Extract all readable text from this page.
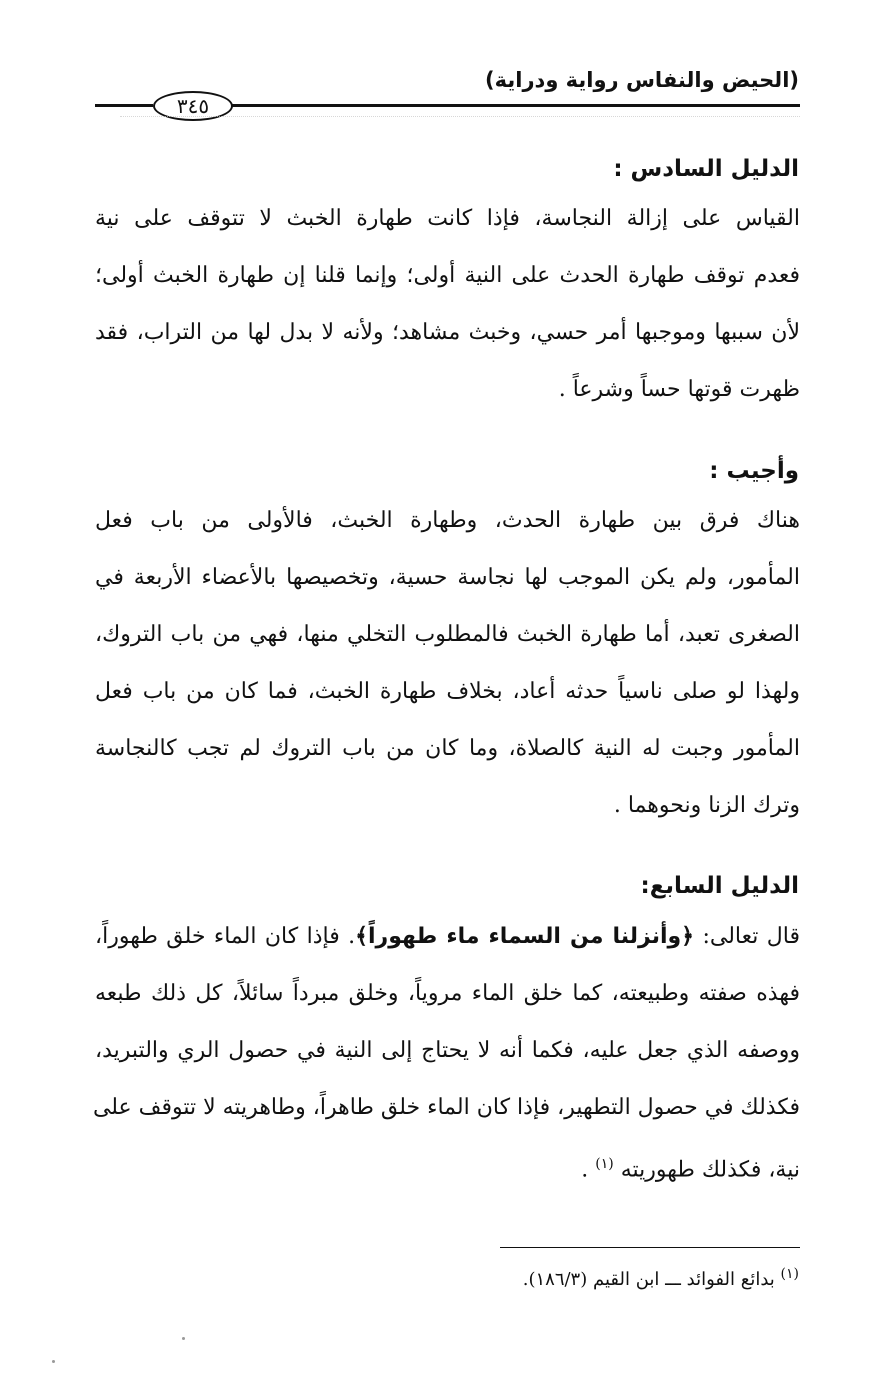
(الحيض والنفاس رواية ودراية)
٣٤٥
الدليل السادس :
القياس على إزالة النجاسة، فإذا كانت طهارة الخبث لا تتوقف على نية
فعدم توقف طهارة الحدث على النية أولى؛ وإنما قلنا إن طهارة الخبث أولى؛
لأن سببها وموجبها أمر حسي، وخبث مشاهد؛ ولأنه لا بدل لها من التراب، فقد
ظهرت قوتها حساً وشرعاً .
وأجيب :
هناك فرق بين طهارة الحدث، وطهارة الخبث، فالأولى من باب فعل
المأمور، ولم يكن الموجب لها نجاسة حسية، وتخصيصها بالأعضاء الأربعة في
الصغرى تعبد، أما طهارة الخبث فالمطلوب التخلي منها، فهي من باب التروك،
ولهذا لو صلى ناسياً حدثه أعاد، بخلاف طهارة الخبث، فما كان من باب فعل
المأمور وجبت له النية كالصلاة، وما كان من باب التروك لم تجب كالنجاسة
وترك الزنا ونحوهما .
الدليل السابع:
قال تعالى: ﴿وأنزلنا من السماء ماء طهوراً﴾. فإذا كان الماء خلق طهوراً،
فهذه صفته وطبيعته، كما خلق الماء مروياً، وخلق مبرداً سائلاً، كل ذلك طبعه
ووصفه الذي جعل عليه، فكما أنه لا يحتاج إلى النية في حصول الري والتبريد،
فكذلك في حصول التطهير، فإذا كان الماء خلق طاهراً، وطاهريته لا تتوقف على
نية، فكذلك طهوريته $^{(١)}$ .
$^{(١)}$ بدائع الفوائد ـــ ابن القيم (١٨٦/٣).
